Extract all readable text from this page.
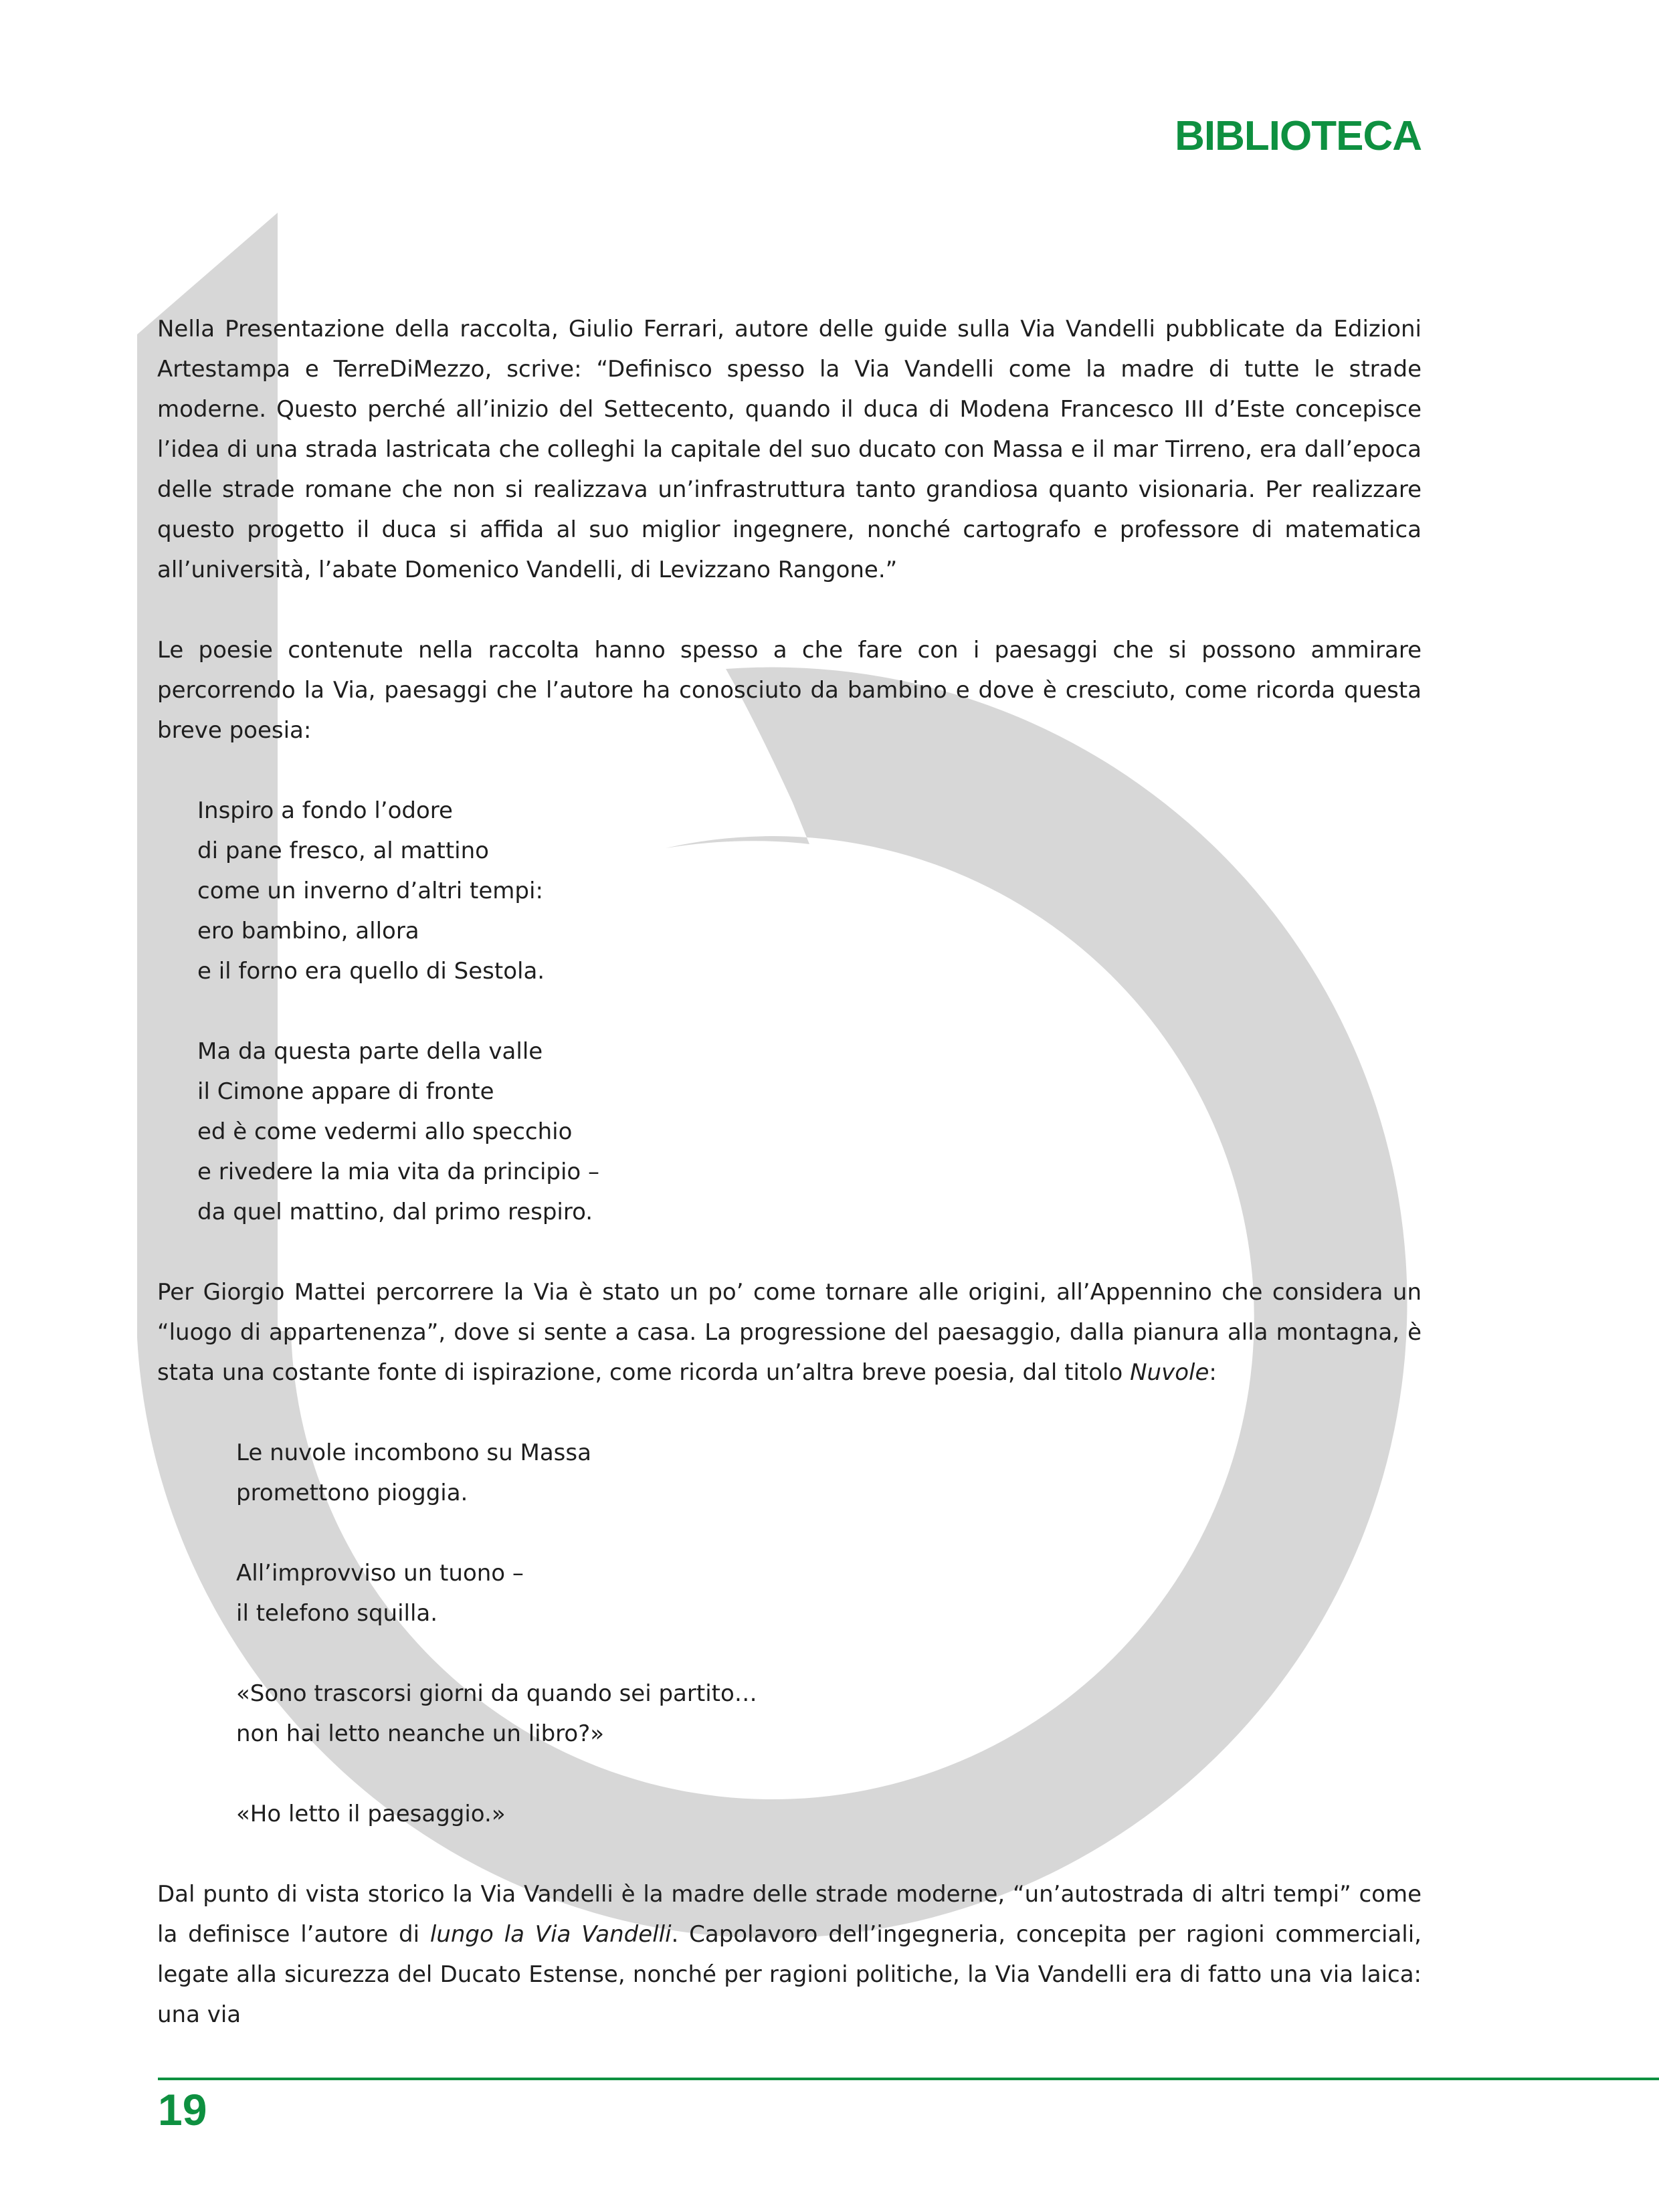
BIBLIOTECA

Nella Presentazione della raccolta, Giulio Ferrari, autore delle guide sulla Via Vandelli pubblicate da Edizioni Artestampa e TerreDiMezzo, scrive: “Definisco spesso la Via Vandelli come la madre di tutte le strade moderne. Questo perché all’inizio del Settecento, quando il duca di Modena Francesco III d’Este concepisce l’idea di una strada lastricata che colleghi la capitale del suo ducato con Massa e il mar Tirreno, era dall’epoca delle strade romane che non si realizzava un’infrastruttura tanto grandiosa quanto visionaria. Per realizzare questo progetto il duca si affida al suo miglior ingegnere, nonché cartografo e professore di matematica all’università, l’abate Domenico Vandelli, di Levizzano Rangone.”

Le poesie contenute nella raccolta hanno spesso a che fare con i paesaggi che si possono ammirare percorrendo la Via, paesaggi che l’autore ha conosciuto da bambino e dove è cresciuto, come ricorda questa breve poesia:

Inspiro a fondo l’odore
di pane fresco, al mattino
come un inverno d’altri tempi:
ero bambino, allora
e il forno era quello di Sestola.
Ma da questa parte della valle
il Cimone appare di fronte
ed è come vedermi allo specchio
e rivedere la mia vita da principio –
da quel mattino, dal primo respiro.

Per Giorgio Mattei percorrere la Via è stato un po’ come tornare alle origini, all’Appennino che considera un “luogo di appartenenza”, dove si sente a casa. La progressione del paesaggio, dalla pianura alla montagna, è stata una costante fonte di ispirazione, come ricorda un’altra breve poesia, dal titolo Nuvole:

Le nuvole incombono su Massa
promettono pioggia.
All’improvviso un tuono –
il telefono squilla.
«Sono trascorsi giorni da quando sei partito…
non hai letto neanche un libro?»
«Ho letto il paesaggio.»

Dal punto di vista storico la Via Vandelli è la madre delle strade moderne, “un’autostrada di altri tempi” come la definisce l’autore di lungo la Via Vandelli. Capolavoro dell’ingegneria, concepita per ragioni commerciali, legate alla sicurezza del Ducato Estense, nonché per ragioni politiche, la Via Vandelli era di fatto una via laica: una via

19
